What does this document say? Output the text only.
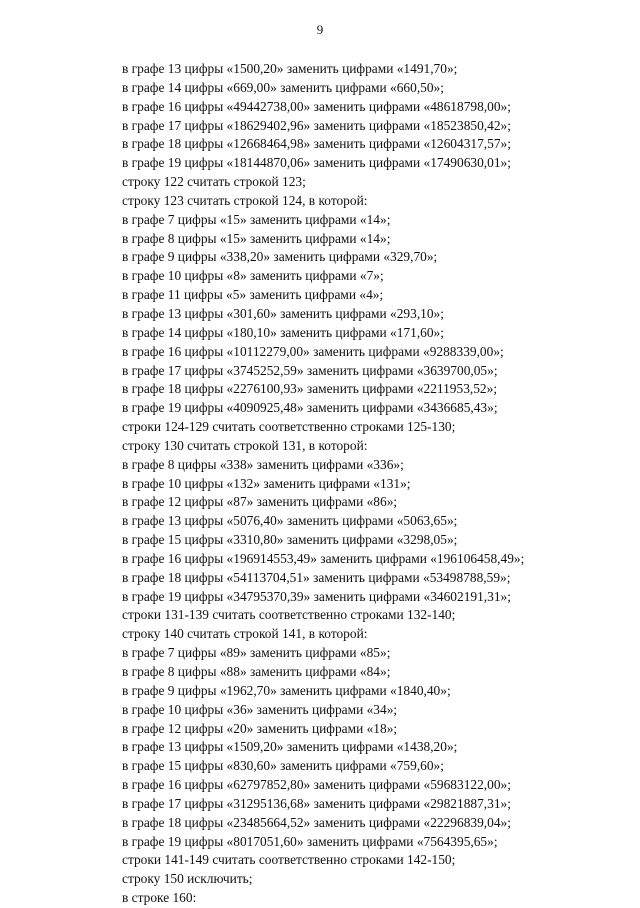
9
в графе 13 цифры «1500,20» заменить цифрами «1491,70»;
в графе 14 цифры «669,00» заменить цифрами «660,50»;
в графе 16 цифры «49442738,00» заменить цифрами «48618798,00»;
в графе 17 цифры «18629402,96» заменить цифрами «18523850,42»;
в графе 18 цифры «12668464,98» заменить цифрами «12604317,57»;
в графе 19 цифры «18144870,06» заменить цифрами «17490630,01»;
строку 122 считать строкой 123;
строку 123 считать строкой 124, в которой:
в графе 7 цифры «15» заменить цифрами «14»;
в графе 8 цифры «15» заменить цифрами «14»;
в графе 9 цифры «338,20» заменить цифрами «329,70»;
в графе 10 цифры «8» заменить цифрами «7»;
в графе 11 цифры «5» заменить цифрами «4»;
в графе 13 цифры «301,60» заменить цифрами «293,10»;
в графе 14 цифры «180,10» заменить цифрами «171,60»;
в графе 16 цифры «10112279,00» заменить цифрами «9288339,00»;
в графе 17 цифры «3745252,59» заменить цифрами «3639700,05»;
в графе 18 цифры «2276100,93» заменить цифрами «2211953,52»;
в графе 19 цифры «4090925,48» заменить цифрами «3436685,43»;
строки 124-129 считать соответственно строками 125-130;
строку 130 считать строкой 131, в которой:
в графе 8 цифры «338» заменить цифрами «336»;
в графе 10 цифры «132» заменить цифрами «131»;
в графе 12 цифры «87» заменить цифрами «86»;
в графе 13 цифры «5076,40» заменить цифрами «5063,65»;
в графе 15 цифры «3310,80» заменить цифрами «3298,05»;
в графе 16 цифры «196914553,49» заменить цифрами «196106458,49»;
в графе 18 цифры «54113704,51» заменить цифрами «53498788,59»;
в графе 19 цифры «34795370,39» заменить цифрами «34602191,31»;
строки 131-139 считать соответственно строками 132-140;
строку 140 считать строкой 141, в которой:
в графе 7 цифры «89» заменить цифрами «85»;
в графе 8 цифры «88» заменить цифрами «84»;
в графе 9 цифры «1962,70» заменить цифрами «1840,40»;
в графе 10 цифры «36» заменить цифрами «34»;
в графе 12 цифры «20» заменить цифрами «18»;
в графе 13 цифры «1509,20» заменить цифрами «1438,20»;
в графе 15 цифры «830,60» заменить цифрами «759,60»;
в графе 16 цифры «62797852,80» заменить цифрами «59683122,00»;
в графе 17 цифры «31295136,68» заменить цифрами «29821887,31»;
в графе 18 цифры «23485664,52» заменить цифрами «22296839,04»;
в графе 19 цифры «8017051,60» заменить цифрами «7564395,65»;
строки 141-149 считать соответственно строками 142-150;
строку 150 исключить;
в строке 160:
